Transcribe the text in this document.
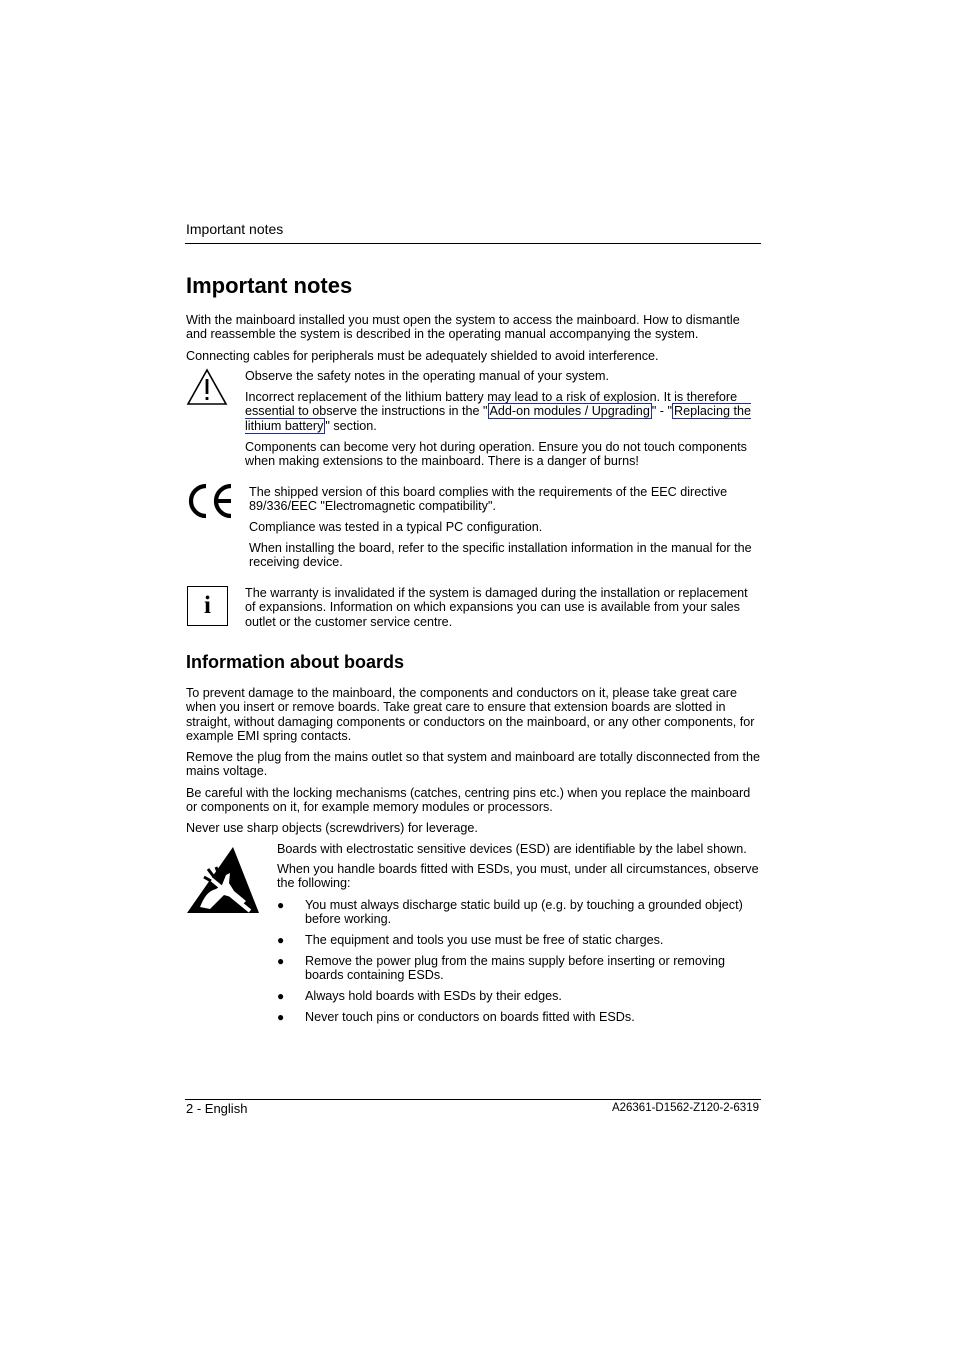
Important notes
Important notes

With the mainboard installed you must open the system to access the mainboard. How to dismantle and reassemble the system is described in the operating manual accompanying the system.

Connecting cables for peripherals must be adequately shielded to avoid interference.

Observe the safety notes in the operating manual of your system.

Incorrect replacement of the lithium battery may lead to a risk of explosion. It is therefore essential to observe the instructions in the " Add-on modules / Upgrading " - " Replacing the lithium battery " section.

Components can become very hot during operation. Ensure you do not touch components when making extensions to the mainboard. There is a danger of burns!

The shipped version of this board complies with the requirements of the EEC directive 89/336/EEC "Electromagnetic compatibility".

Compliance was tested in a typical PC configuration.

When installing the board, refer to the specific installation information in the manual for the receiving device.

i	The warranty is invalidated if the system is damaged during the installation or replacement of expansions. Information on which expansions you can use is available from your sales outlet or the customer service centre.

Information about boards

To prevent damage to the mainboard, the components and conductors on it, please take great care when you insert or remove boards. Take great care to ensure that extension boards are slotted in straight, without damaging components or conductors on the mainboard, or any other components, for example EMI spring contacts.

Remove the plug from the mains outlet so that system and mainboard are totally disconnected from the mains voltage.

Be careful with the locking mechanisms (catches, centring pins etc.) when you replace the mainboard or components on it, for example memory modules or processors.

Never use sharp objects (screwdrivers) for leverage.

Boards with electrostatic sensitive devices (ESD) are identifiable by the label shown.

When you handle boards fitted with ESDs, you must, under all circumstances, observe the following:

● You must always discharge static build up (e.g. by touching a grounded object) before working.
● The equipment and tools you use must be free of static charges.
● Remove the power plug from the mains supply before inserting or removing boards containing ESDs.
● Always hold boards with ESDs by their edges.
● Never touch pins or conductors on boards fitted with ESDs.
2 - English	A26361-D1562-Z120-2-6319
